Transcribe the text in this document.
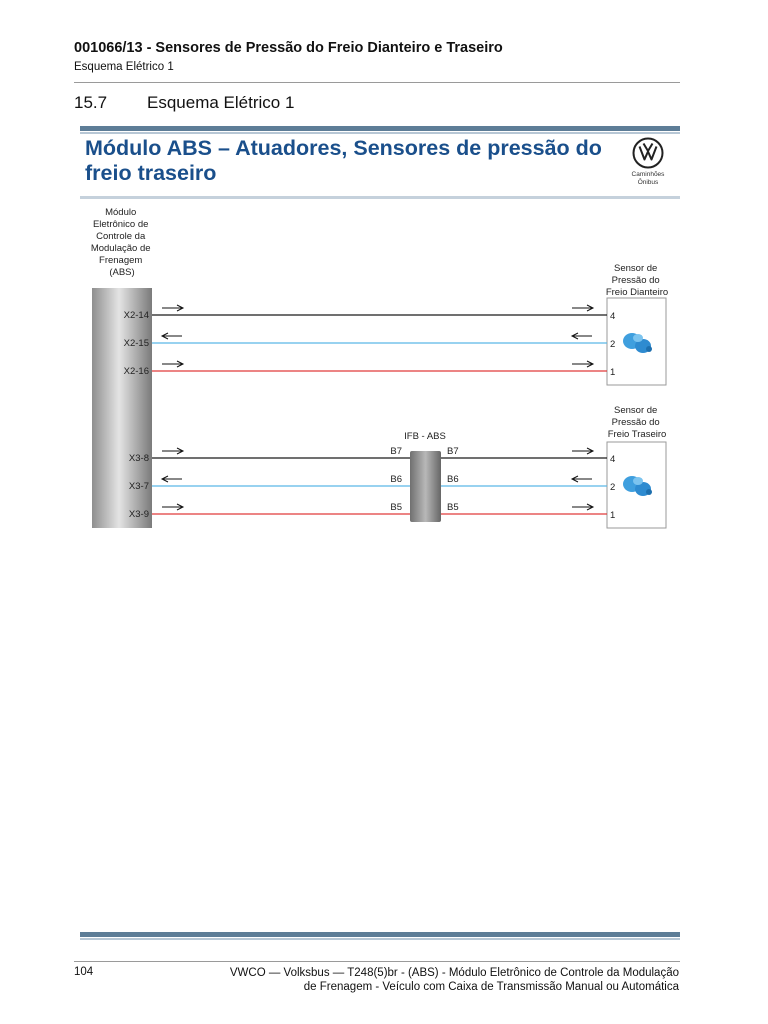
001066/13 - Sensores de Pressão do Freio Dianteiro e Traseiro
Esquema Elétrico 1
15.7 Esquema Elétrico 1
Módulo ABS – Atuadores, Sensores de pressão do freio traseiro	Caminhões
Ônibus
Módulo Eletrônico de Controle da Modulação de Frenagem (ABS)	Sensor de Pressão do Freio Dianteiro
Sensor de Pressão do Freio Traseiro
IFB - ABS
X2-14	4
X2-15	2
X2-16	1
X3-8	4
X3-7	2
X3-9	1
B7	B7
B6	B6
B5	B5
104	VWCO — Volksbus — T248(5)br - (ABS) - Módulo Eletrônico de Controle da Modulação
de Frenagem - Veículo com Caixa de Transmissão Manual ou Automática
